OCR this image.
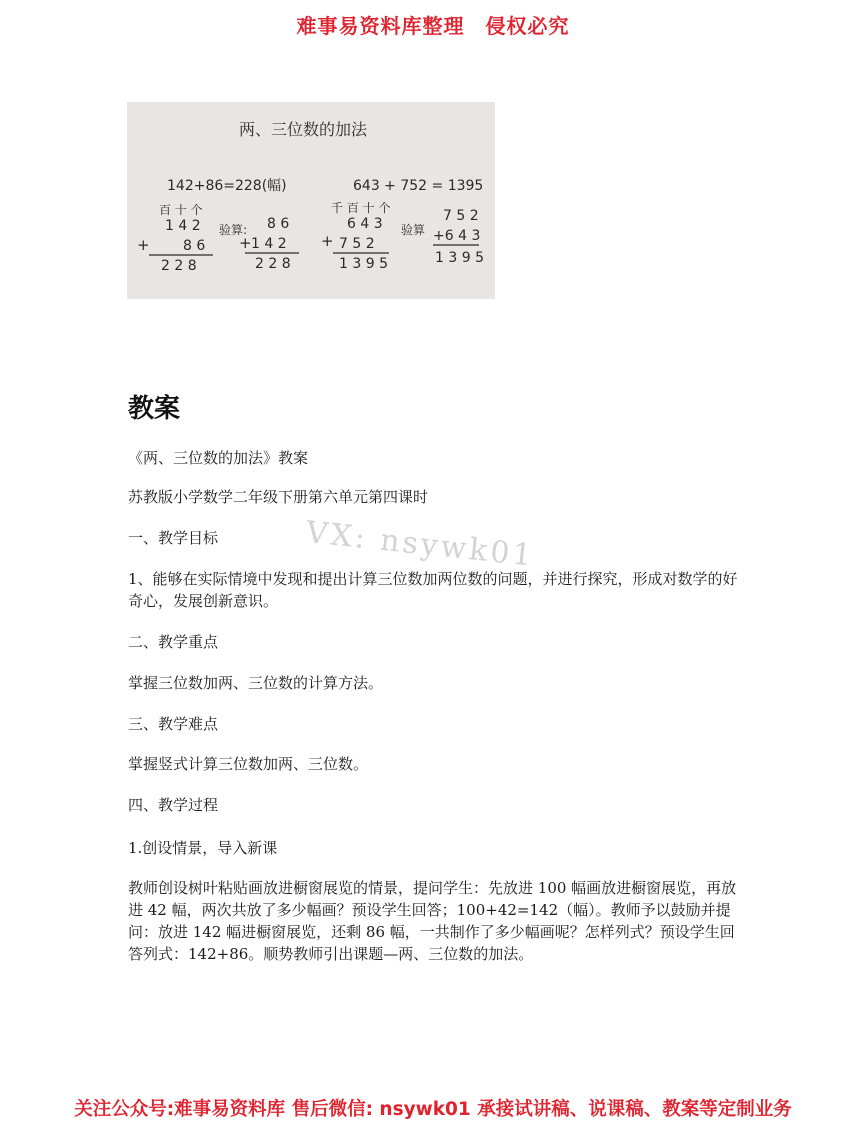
难事易资料库整理　侵权必究
两、三位数的加法
142+86=228(幅)
百 十 个
1 4 2
+ 8 6
2 2 8
验算: 8 6
+ 1 4 2
2 2 8
643 + 752 = 1395
千 百 十 个
6 4 3
+ 7 5 2
1 3 9 5
验算
7 5 2
+6 4 3
1 3 9 5
VX: nsywk01
教案

《两、三位数的加法》教案

苏教版小学数学二年级下册第六单元第四课时

一、教学目标

1、能够在实际情境中发现和提出计算三位数加两位数的问题，并进行探究，形成对数学的好奇心，发展创新意识。

二、教学重点

掌握三位数加两、三位数的计算方法。

三、教学难点

掌握竖式计算三位数加两、三位数。

四、教学过程

1.创设情景，导入新课

教师创设树叶粘贴画放进橱窗展览的情景，提问学生：先放进 100 幅画放进橱窗展览，再放进 42 幅，两次共放了多少幅画？预设学生回答；100+42=142（幅）。教师予以鼓励并提问：放进 142 幅进橱窗展览，还剩 86 幅，一共制作了多少幅画呢？怎样列式？预设学生回答列式：142+86。顺势教师引出课题—两、三位数的加法。

关注公众号:难事易资料库 售后微信: nsywk01 承接试讲稿、说课稿、教案等定制业务
